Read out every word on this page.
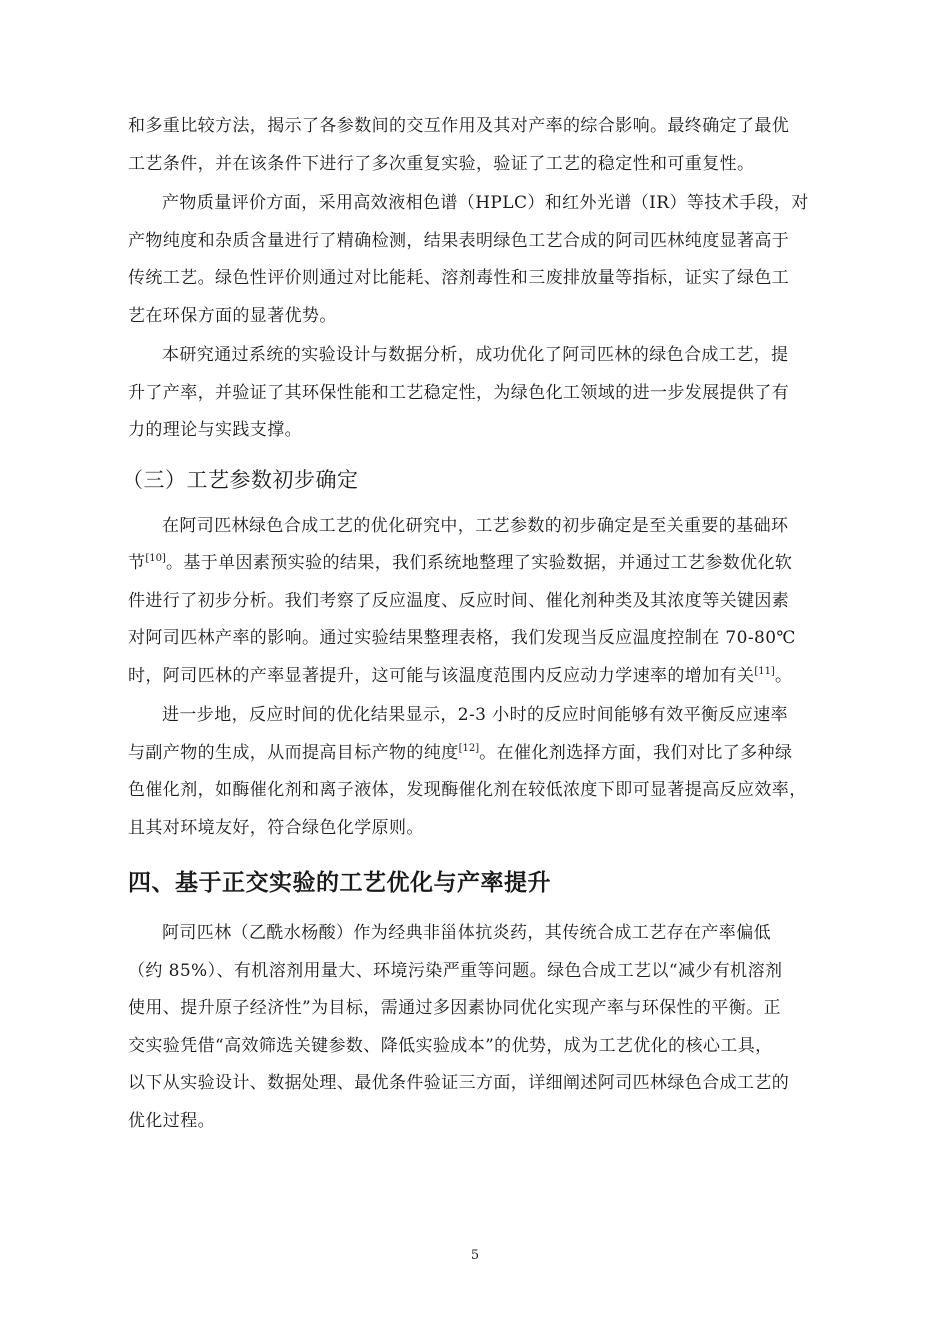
和多重比较方法，揭示了各参数间的交互作用及其对产率的综合影响。最终确定了最优
工艺条件，并在该条件下进行了多次重复实验，验证了工艺的稳定性和可重复性。

产物质量评价方面，采用高效液相色谱（HPLC）和红外光谱（IR）等技术手段，对
产物纯度和杂质含量进行了精确检测，结果表明绿色工艺合成的阿司匹林纯度显著高于
传统工艺。绿色性评价则通过对比能耗、溶剂毒性和三废排放量等指标，证实了绿色工
艺在环保方面的显著优势。

本研究通过系统的实验设计与数据分析，成功优化了阿司匹林的绿色合成工艺，提
升了产率，并验证了其环保性能和工艺稳定性，为绿色化工领域的进一步发展提供了有
力的理论与实践支撑。

（三）工艺参数初步确定

在阿司匹林绿色合成工艺的优化研究中，工艺参数的初步确定是至关重要的基础环
节[10]。基于单因素预实验的结果，我们系统地整理了实验数据，并通过工艺参数优化软
件进行了初步分析。我们考察了反应温度、反应时间、催化剂种类及其浓度等关键因素
对阿司匹林产率的影响。通过实验结果整理表格，我们发现当反应温度控制在 70-80℃
时，阿司匹林的产率显著提升，这可能与该温度范围内反应动力学速率的增加有关[11]。

进一步地，反应时间的优化结果显示，2-3 小时的反应时间能够有效平衡反应速率
与副产物的生成，从而提高目标产物的纯度[12]。在催化剂选择方面，我们对比了多种绿
色催化剂，如酶催化剂和离子液体，发现酶催化剂在较低浓度下即可显著提高反应效率，
且其对环境友好，符合绿色化学原则。

四、基于正交实验的工艺优化与产率提升

阿司匹林（乙酰水杨酸）作为经典非甾体抗炎药，其传统合成工艺存在产率偏低
（约 85%）、有机溶剂用量大、环境污染严重等问题。绿色合成工艺以“减少有机溶剂
使用、提升原子经济性”为目标，需通过多因素协同优化实现产率与环保性的平衡。正
交实验凭借“高效筛选关键参数、降低实验成本”的优势，成为工艺优化的核心工具，
以下从实验设计、数据处理、最优条件验证三方面，详细阐述阿司匹林绿色合成工艺的
优化过程。

5
